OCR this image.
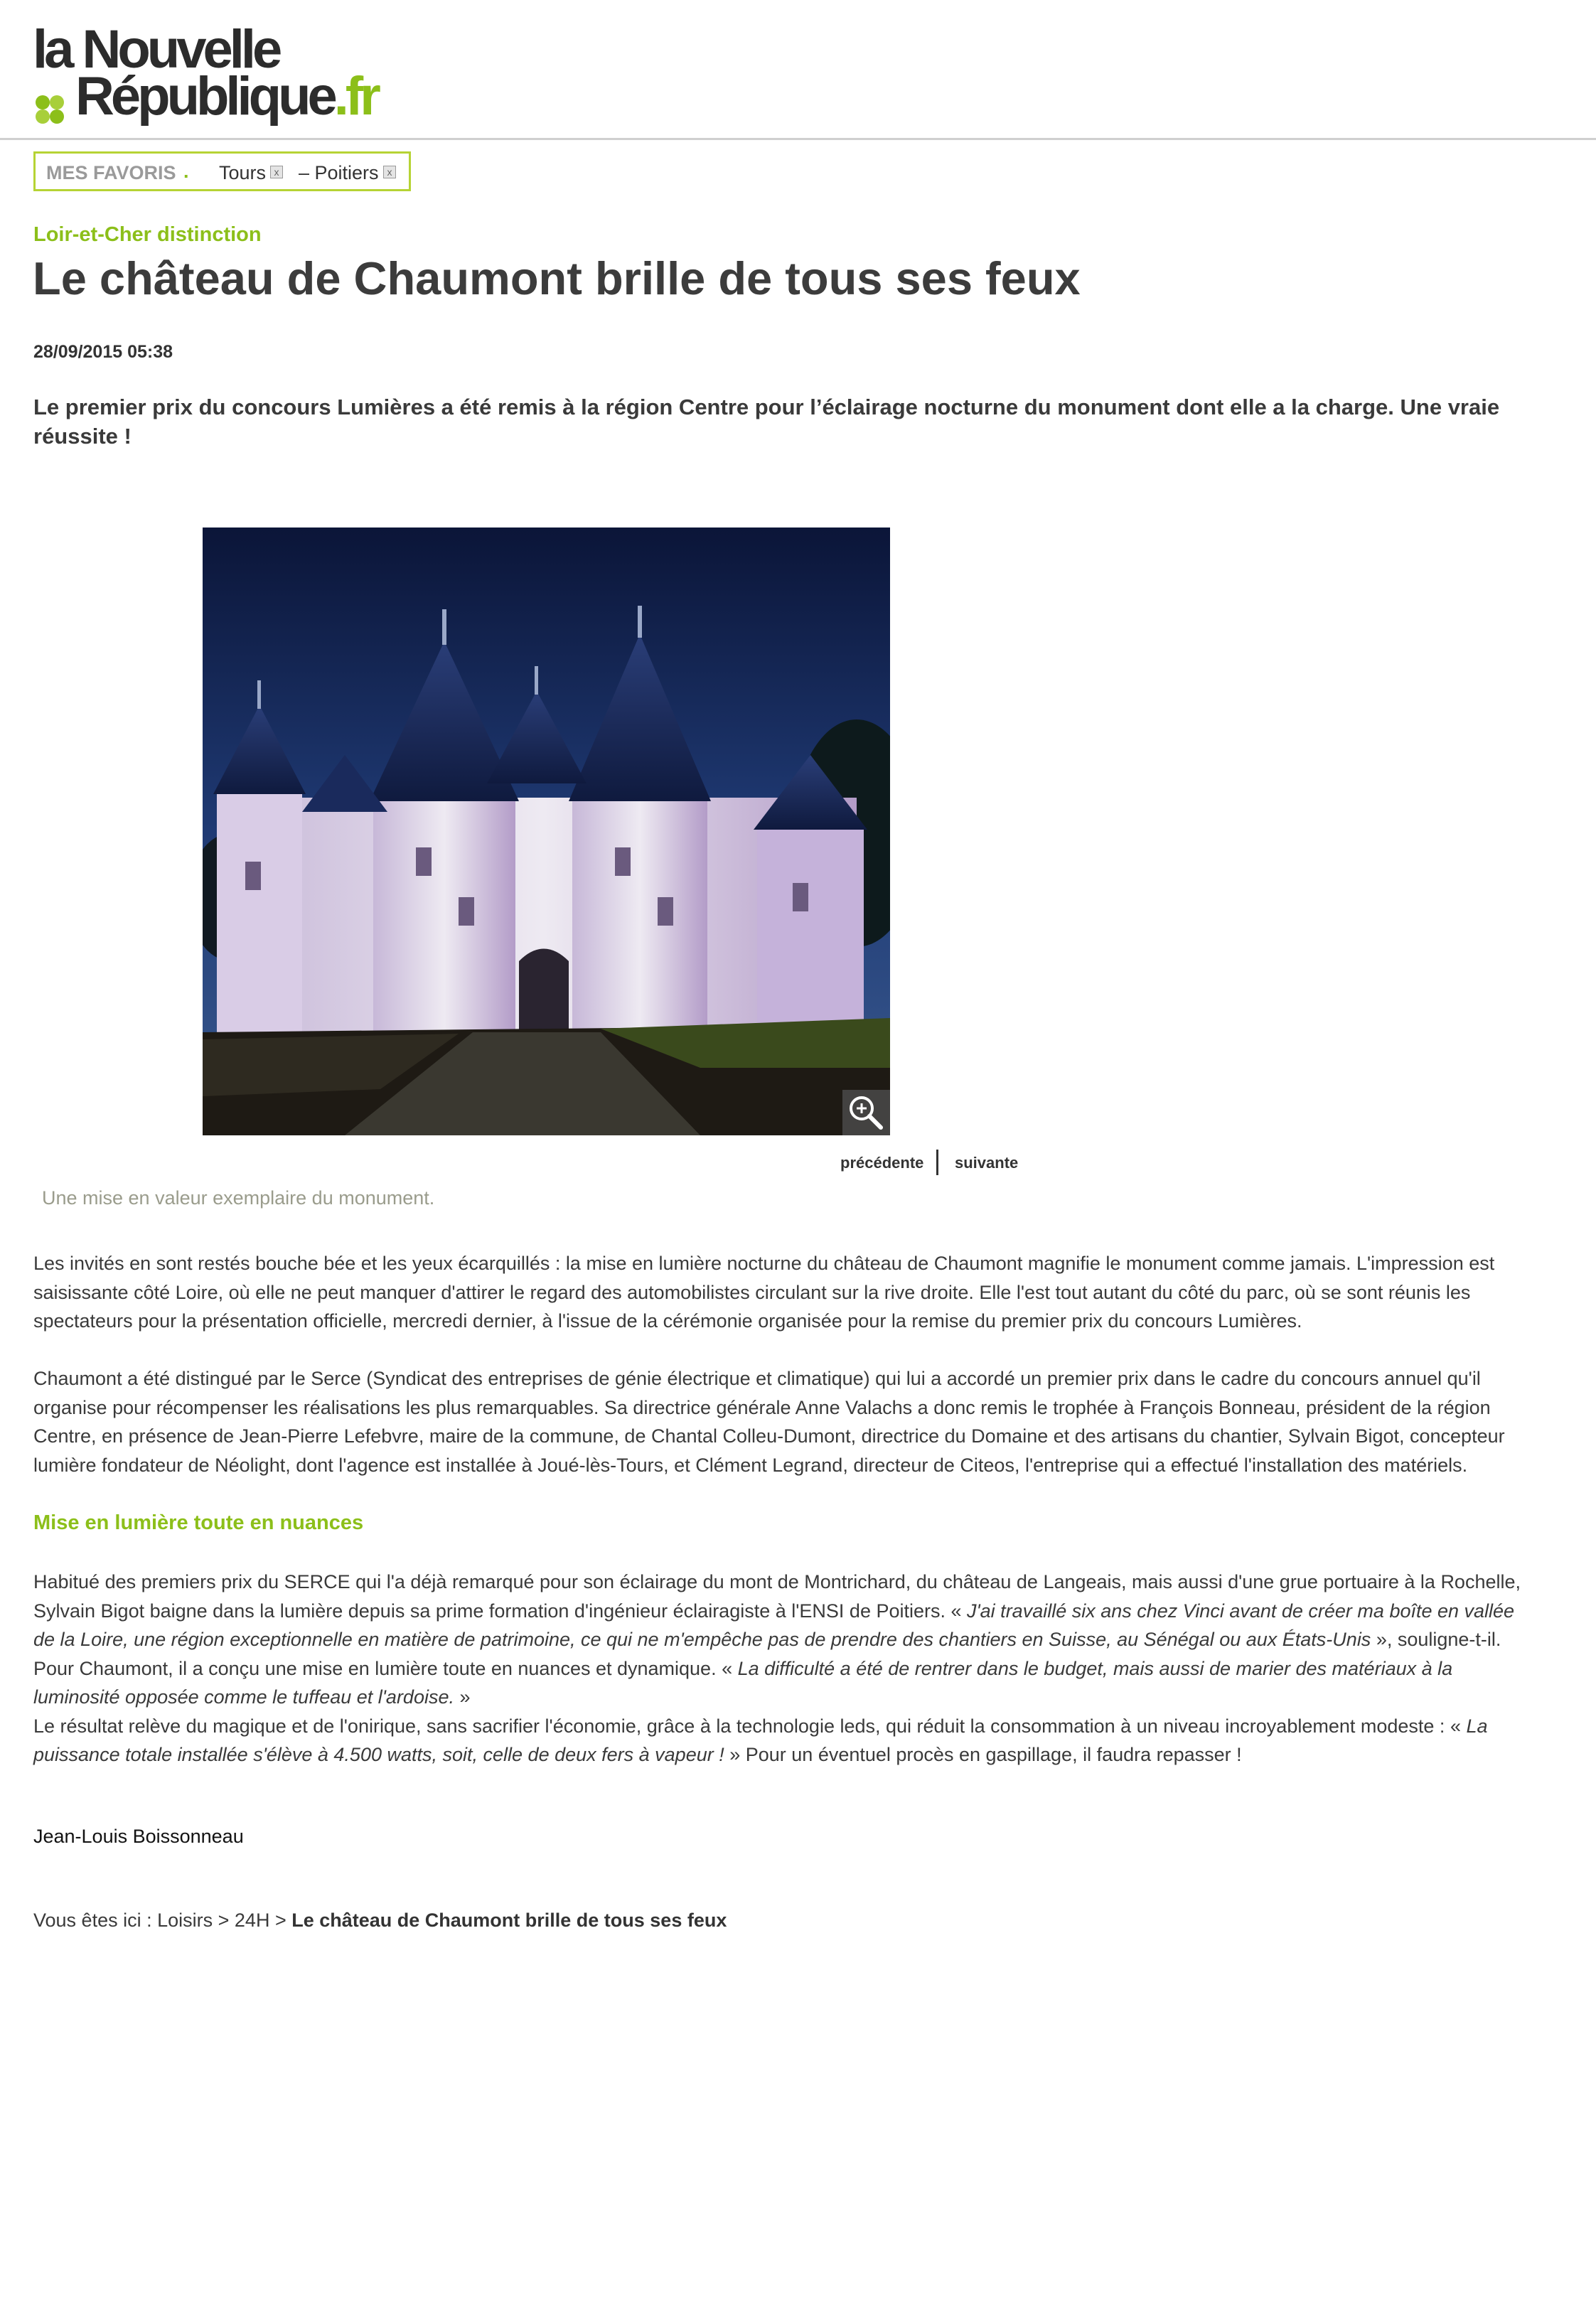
la Nouvelle
République.fr
MES FAVORIS . Tours x – Poitiers x
Loir-et-Cher distinction
Le château de Chaumont brille de tous ses feux
28/09/2015 05:38
Le premier prix du concours Lumières a été remis à la région Centre pour l’éclairage nocturne du monument dont elle a la charge. Une vraie réussite !
précédente suivante
Une mise en valeur exemplaire du monument.
Les invités en sont restés bouche bée et les yeux écarquillés : la mise en lumière nocturne du château de Chaumont magnifie le monument comme jamais. L'impression est saisissante côté Loire, où elle ne peut manquer d'attirer le regard des automobilistes circulant sur la rive droite. Elle l'est tout autant du côté du parc, où se sont réunis les spectateurs pour la présentation officielle, mercredi dernier, à l'issue de la cérémonie organisée pour la remise du premier prix du concours Lumières.
Chaumont a été distingué par le Serce (Syndicat des entreprises de génie électrique et climatique) qui lui a accordé un premier prix dans le cadre du concours annuel qu'il organise pour récompenser les réalisations les plus remarquables. Sa directrice générale Anne Valachs a donc remis le trophée à François Bonneau, président de la région Centre, en présence de Jean-Pierre Lefebvre, maire de la commune, de Chantal Colleu-Dumont, directrice du Domaine et des artisans du chantier, Sylvain Bigot, concepteur lumière fondateur de Néolight, dont l'agence est installée à Joué-lès-Tours, et Clément Legrand, directeur de Citeos, l'entreprise qui a effectué l'installation des matériels.
Mise en lumière toute en nuances
Habitué des premiers prix du SERCE qui l'a déjà remarqué pour son éclairage du mont de Montrichard, du château de Langeais, mais aussi d'une grue portuaire à la Rochelle, Sylvain Bigot baigne dans la lumière depuis sa prime formation d'ingénieur éclairagiste à l'ENSI de Poitiers. « J'ai travaillé six ans chez Vinci avant de créer ma boîte en vallée de la Loire, une région exceptionnelle en matière de patrimoine, ce qui ne m'empêche pas de prendre des chantiers en Suisse, au Sénégal ou aux États-Unis », souligne-t-il. Pour Chaumont, il a conçu une mise en lumière toute en nuances et dynamique. « La difficulté a été de rentrer dans le budget, mais aussi de marier des matériaux à la luminosité opposée comme le tuffeau et l'ardoise. »
Le résultat relève du magique et de l'onirique, sans sacrifier l'économie, grâce à la technologie leds, qui réduit la consommation à un niveau incroyablement modeste : « La puissance totale installée s'élève à 4.500 watts, soit, celle de deux fers à vapeur ! » Pour un éventuel procès en gaspillage, il faudra repasser !
Jean-Louis Boissonneau
Vous êtes ici : Loisirs > 24H > Le château de Chaumont brille de tous ses feux
